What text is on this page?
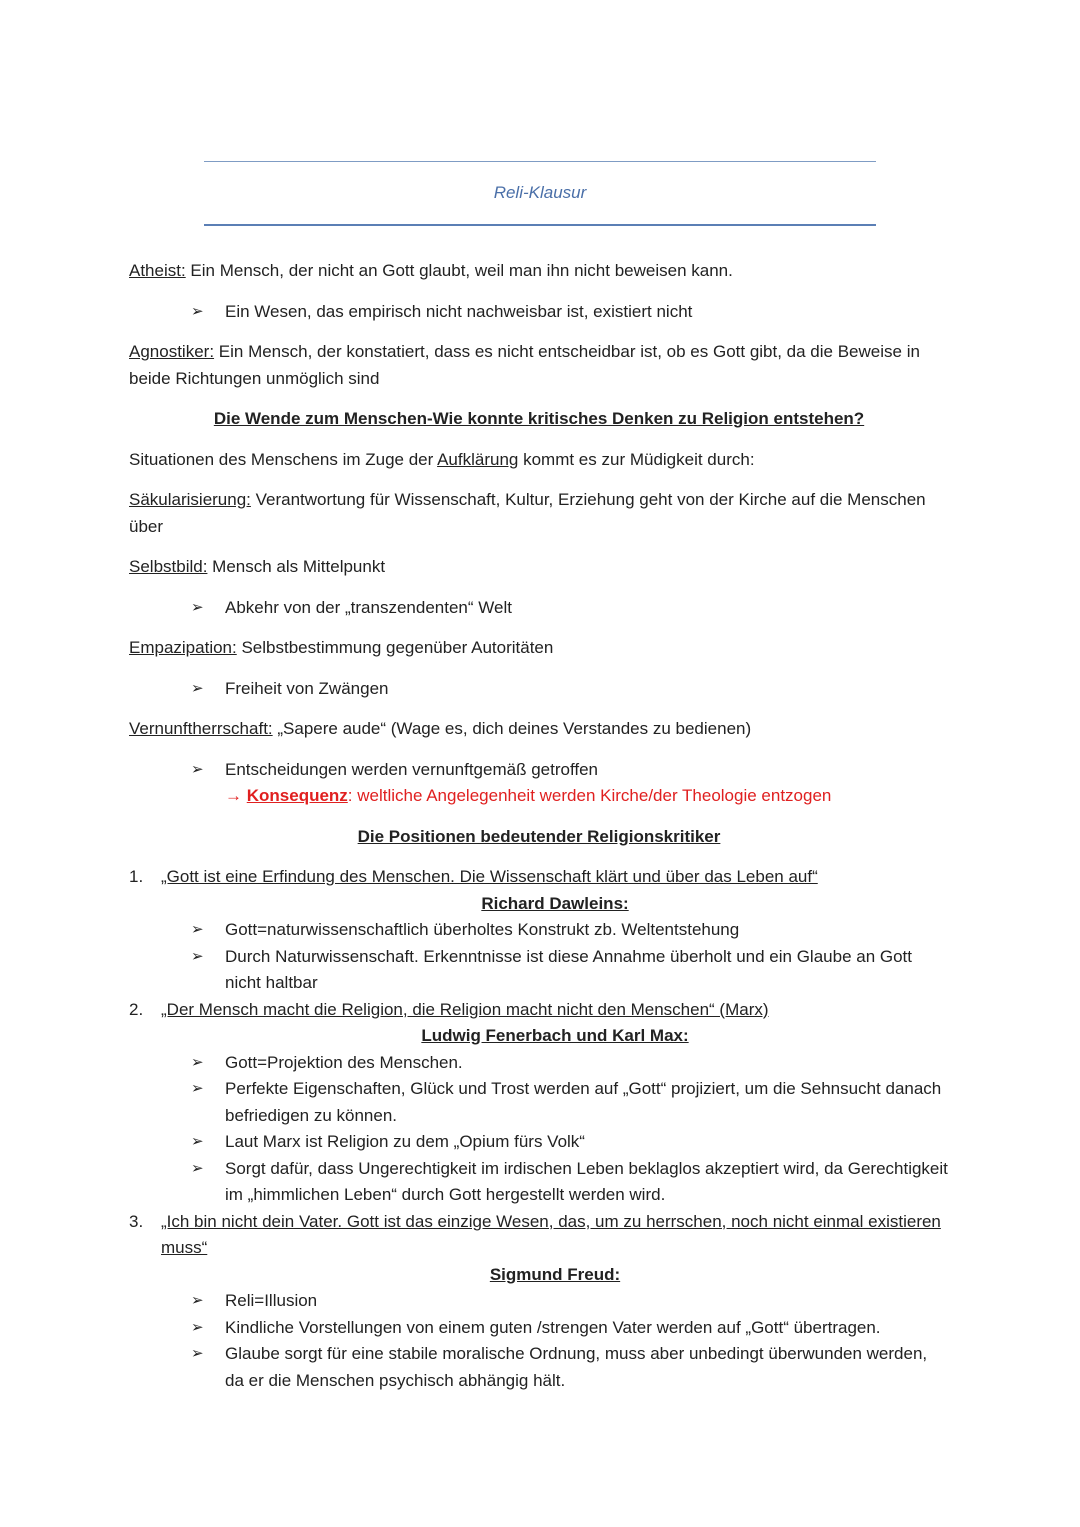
Reli-Klausur

Atheist: Ein Mensch, der nicht an Gott glaubt, weil man ihn nicht beweisen kann.

➢ Ein Wesen, das empirisch nicht nachweisbar ist, existiert nicht

Agnostiker: Ein Mensch, der konstatiert, dass es nicht entscheidbar ist, ob es Gott gibt, da die Beweise in beide Richtungen unmöglich sind

Die Wende zum Menschen-Wie konnte kritisches Denken zu Religion entstehen?

Situationen des Menschens im Zuge der Aufklärung kommt es zur Müdigkeit durch:

Säkularisierung: Verantwortung für Wissenschaft, Kultur, Erziehung geht von der Kirche auf die Menschen über

Selbstbild: Mensch als Mittelpunkt

➢ Abkehr von der „transzendenten“ Welt

Empazipation: Selbstbestimmung gegenüber Autoritäten

➢ Freiheit von Zwängen

Vernunftherrschaft: „Sapere aude“ (Wage es, dich deines Verstandes zu bedienen)

➢ Entscheidungen werden vernunftgemäß getroffen
→ Konsequenz: weltliche Angelegenheit werden Kirche/der Theologie entzogen

Die Positionen bedeutender Religionskritiker

1. „Gott ist eine Erfindung des Menschen. Die Wissenschaft klärt und über das Leben auf“
Richard Dawleins:
➢ Gott=naturwissenschaftlich überholtes Konstrukt zb. Weltentstehung
➢ Durch Naturwissenschaft. Erkenntnisse ist diese Annahme überholt und ein Glaube an Gott nicht haltbar
2. „Der Mensch macht die Religion, die Religion macht nicht den Menschen“ (Marx)
Ludwig Fenerbach und Karl Max:
➢ Gott=Projektion des Menschen.
➢ Perfekte Eigenschaften, Glück und Trost werden auf „Gott“ projiziert, um die Sehnsucht danach befriedigen zu können.
➢ Laut Marx ist Religion zu dem „Opium fürs Volk“
➢ Sorgt dafür, dass Ungerechtigkeit im irdischen Leben beklaglos akzeptiert wird, da Gerechtigkeit im „himmlichen Leben“ durch Gott hergestellt werden wird.
3. „Ich bin nicht dein Vater. Gott ist das einzige Wesen, das, um zu herrschen, noch nicht einmal existieren muss“
Sigmund Freud:
➢ Reli=Illusion
➢ Kindliche Vorstellungen von einem guten /strengen Vater werden auf „Gott“ übertragen.
➢ Glaube sorgt für eine stabile moralische Ordnung, muss aber unbedingt überwunden werden, da er die Menschen psychisch abhängig hält.
